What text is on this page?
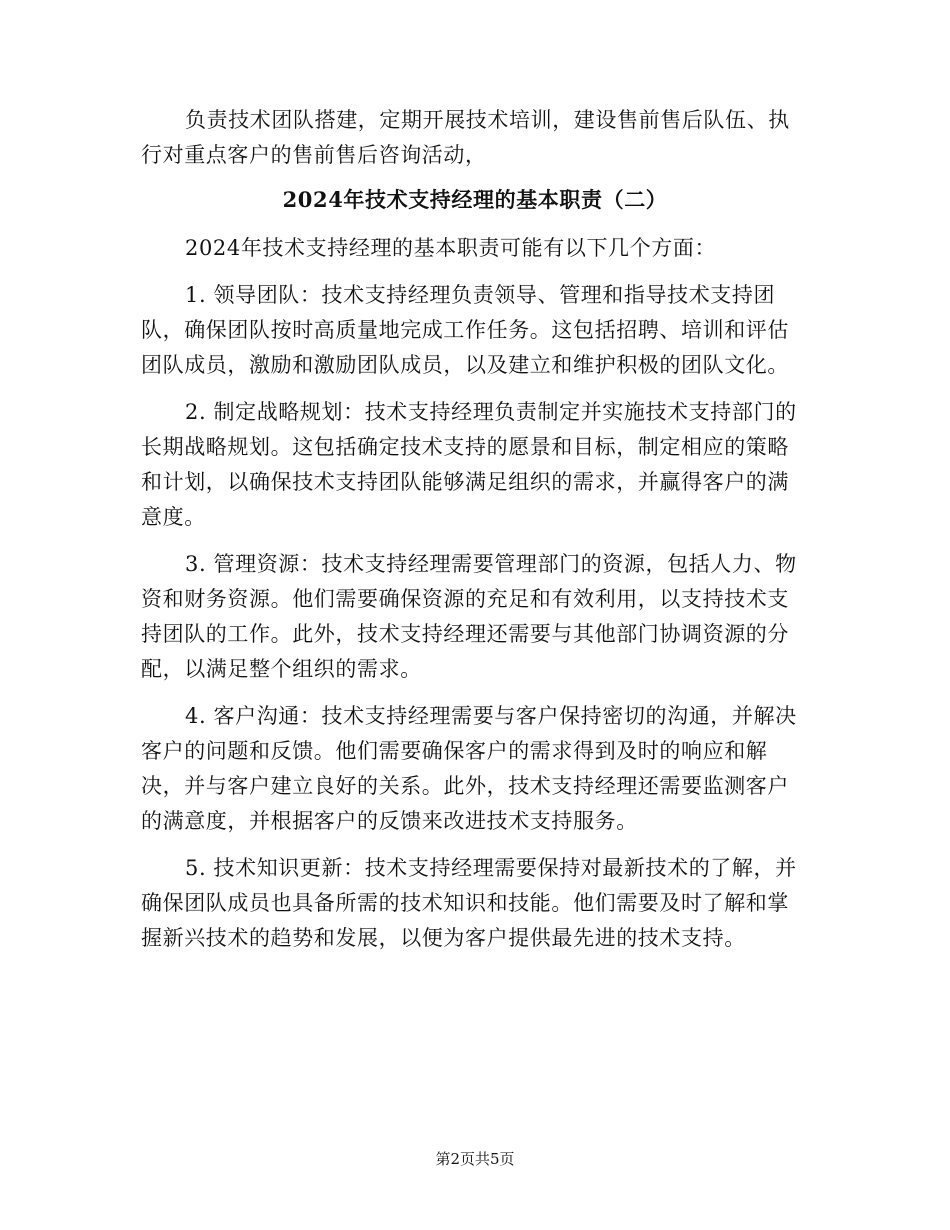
负责技术团队搭建，定期开展技术培训，建设售前售后队伍、执行对重点客户的售前售后咨询活动，

2024年技术支持经理的基本职责（二）

2024年技术支持经理的基本职责可能有以下几个方面：

1. 领导团队：技术支持经理负责领导、管理和指导技术支持团队，确保团队按时高质量地完成工作任务。这包括招聘、培训和评估团队成员，激励和激励团队成员，以及建立和维护积极的团队文化。

2. 制定战略规划：技术支持经理负责制定并实施技术支持部门的长期战略规划。这包括确定技术支持的愿景和目标，制定相应的策略和计划，以确保技术支持团队能够满足组织的需求，并赢得客户的满意度。

3. 管理资源：技术支持经理需要管理部门的资源，包括人力、物资和财务资源。他们需要确保资源的充足和有效利用，以支持技术支持团队的工作。此外，技术支持经理还需要与其他部门协调资源的分配，以满足整个组织的需求。

4. 客户沟通：技术支持经理需要与客户保持密切的沟通，并解决客户的问题和反馈。他们需要确保客户的需求得到及时的响应和解决，并与客户建立良好的关系。此外，技术支持经理还需要监测客户的满意度，并根据客户的反馈来改进技术支持服务。

5. 技术知识更新：技术支持经理需要保持对最新技术的了解，并确保团队成员也具备所需的技术知识和技能。他们需要及时了解和掌握新兴技术的趋势和发展，以便为客户提供最先进的技术支持。

第2页共5页
